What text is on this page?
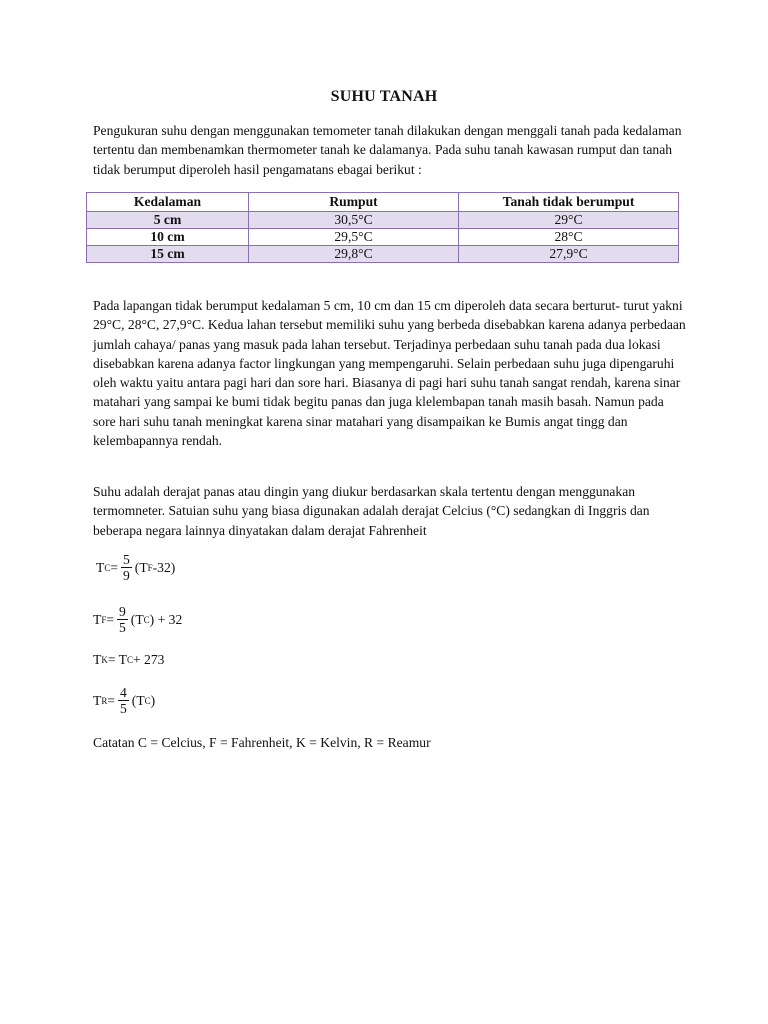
SUHU TANAH

Pengukuran suhu dengan menggunakan temometer tanah dilakukan dengan menggali tanah pada kedalaman tertentu dan membenamkan thermometer tanah ke dalamanya. Pada suhu tanah kawasan rumput dan tanah tidak berumput diperoleh hasil pengamatans ebagai berikut :

Kedalaman	Rumput	Tanah tidak berumput
5 cm	30,5°C	29°C
10 cm	29,5°C	28°C
15 cm	29,8°C	27,9°C

Pada lapangan tidak berumput kedalaman 5 cm, 10 cm dan 15 cm diperoleh data secara berturut- turut yakni 29°C, 28°C, 27,9°C. Kedua lahan tersebut memiliki suhu yang berbeda disebabkan karena adanya perbedaan jumlah cahaya/ panas yang masuk pada lahan tersebut. Terjadinya perbedaan suhu tanah pada dua lokasi disebabkan karena adanya factor lingkungan yang mempengaruhi. Selain perbedaan suhu juga dipengaruhi oleh waktu yaitu antara pagi hari dan sore hari. Biasanya di pagi hari suhu tanah sangat rendah, karena sinar matahari yang sampai ke bumi tidak begitu panas dan juga klelembapan tanah masih basah. Namun pada sore hari suhu tanah meningkat karena sinar matahari yang disampaikan ke Bumis angat tingg dan kelembapannya rendah.

Suhu adalah derajat panas atau dingin yang diukur berdasarkan skala tertentu dengan menggunakan termomneter. Satuian suhu yang biasa digunakan adalah derajat Celcius (°C) sedangkan di Inggris dan beberapa negara lainnya dinyatakan dalam derajat Fahrenheit

T $C = \frac{5}{9} (T$ F -32)
T $F = \frac{9}{5} (T$ C ) + 32
T K = T C + 273
T $R = \frac{4}{5} (T$ C )
Catatan C = Celcius, F = Fahrenheit, K = Kelvin, R = Reamur
